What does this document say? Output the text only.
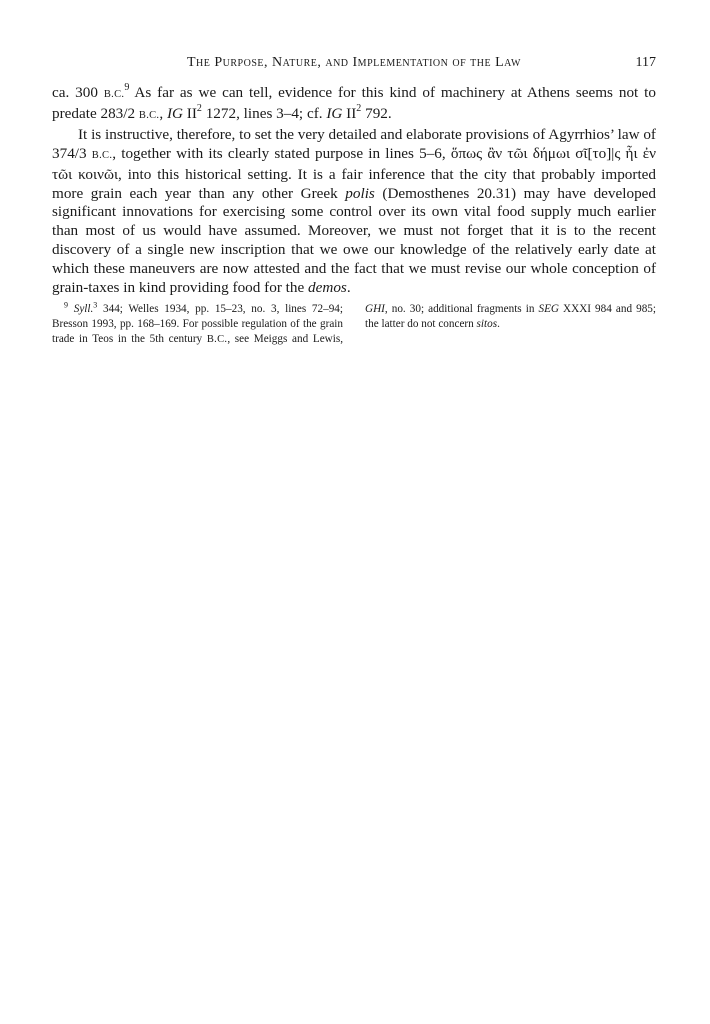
The Purpose, Nature, and Implementation of the Law	117

ca. 300 B.C.$^9$ As far as we can tell, evidence for this kind of machinery at Athens seems not to predate 283/2 B.C., IG $II^2$ 1272, lines 3–4; cf. IG $II^2$ 792.

It is instructive, therefore, to set the very detailed and elaborate provisions of Agyrrhios’ law of 374/3 B.C., together with its clearly stated purpose in lines 5–6, ὅπως ἂν τῶι δήμωι σῖ[το]|ς ἧι ἐν τῶι κοινῶι, into this historical setting. It is a fair inference that the city that probably imported more grain each year than any other Greek polis (Demosthenes 20.31) may have developed significant innovations for exercising some control over its own vital food supply much earlier than most of us would have assumed. Moreover, we must not forget that it is to the recent discovery of a single new inscription that we owe our knowledge of the relatively early date at which these maneuvers are now attested and the fact that we must revise our whole conception of grain-taxes in kind providing food for the demos.

$^9$ Syll.$^3$ 344; Welles 1934, pp. 15–23, no. 3, lines 72–94; Bresson 1993, pp. 168–169. For possible regulation of the grain trade in Teos in the 5th century B.C., see Meiggs and Lewis, GHI, no. 30; additional fragments in SEG XXXI 984 and 985; the latter do not concern sitos.
